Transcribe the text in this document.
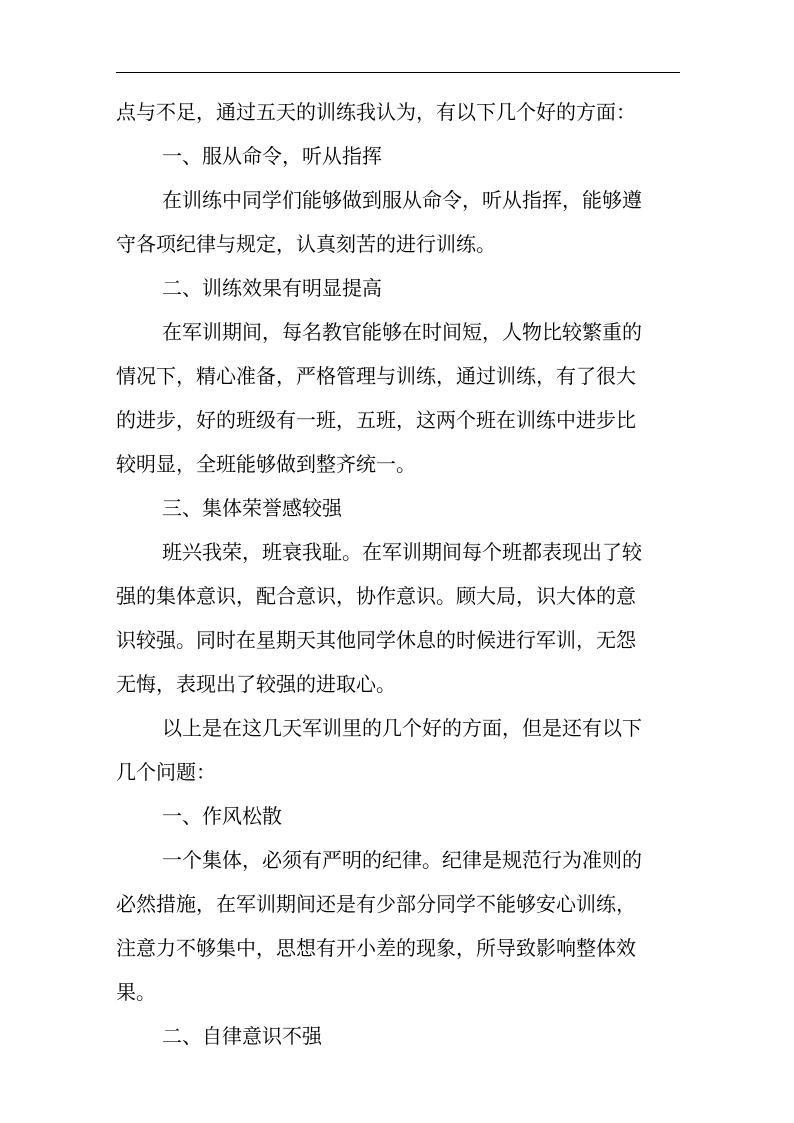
点与不足，通过五天的训练我认为，有以下几个好的方面：
一、服从命令，听从指挥
在训练中同学们能够做到服从命令，听从指挥，能够遵
守各项纪律与规定，认真刻苦的进行训练。
二、训练效果有明显提高
在军训期间，每名教官能够在时间短，人物比较繁重的
情况下，精心准备，严格管理与训练，通过训练，有了很大
的进步，好的班级有一班，五班，这两个班在训练中进步比
较明显，全班能够做到整齐统一。
三、集体荣誉感较强
班兴我荣，班衰我耻。在军训期间每个班都表现出了较
强的集体意识，配合意识，协作意识。顾大局，识大体的意
识较强。同时在星期天其他同学休息的时候进行军训，无怨
无悔，表现出了较强的进取心。
以上是在这几天军训里的几个好的方面，但是还有以下
几个问题：
一、作风松散
一个集体，必须有严明的纪律。纪律是规范行为准则的
必然措施，在军训期间还是有少部分同学不能够安心训练，
注意力不够集中，思想有开小差的现象，所导致影响整体效
果。
二、自律意识不强
